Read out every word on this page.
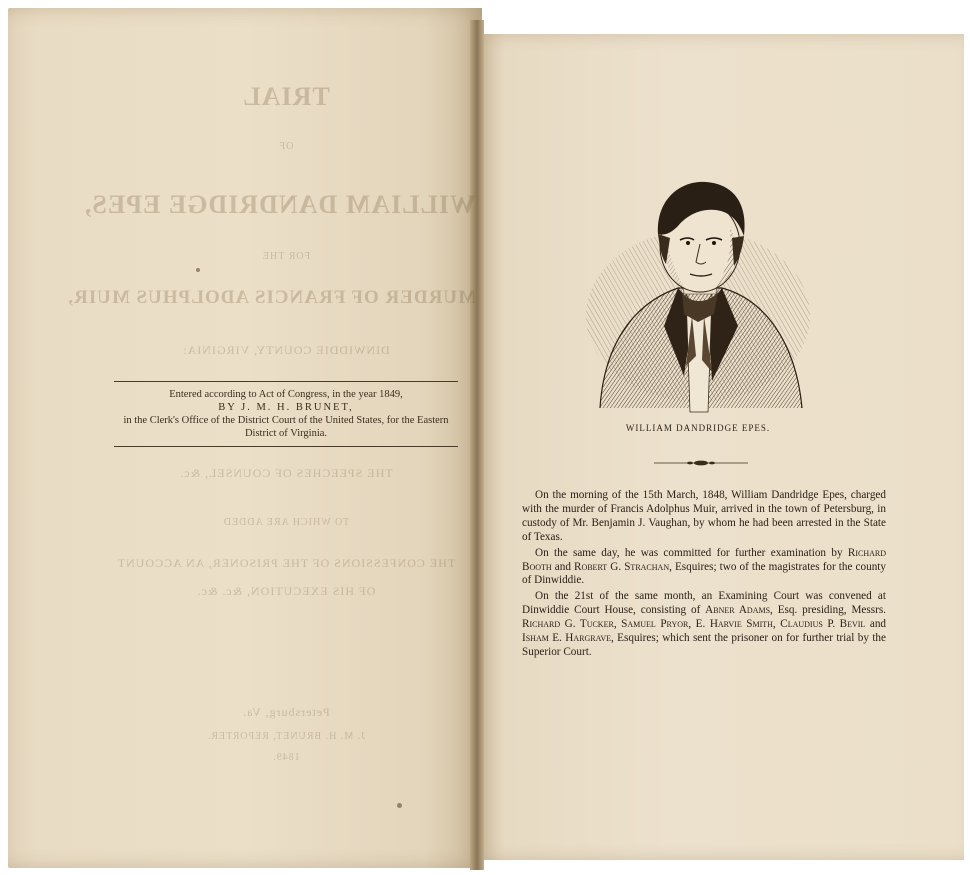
TRIAL
OF
WILLIAM DANDRIDGE EPES,
FOR THE
MURDER OF FRANCIS ADOLPHUS MUIR,
DINWIDDIE COUNTY, VIRGINIA:
THE SPEECHES OF COUNSEL, &c.
TO WHICH ARE ADDED
THE CONFESSIONS OF THE PRISONER, AN ACCOUNT
OF HIS EXECUTION, &c. &c.
Petersburg, Va.
J. M. H. BRUNET, REPORTER.
1849.
Entered according to Act of Congress, in the year 1849,
BY J. M. H. BRUNET,
in the Clerk's Office of the District Court of the United States, for the Eastern
District of Virginia.	WILLIAM DANDRIDGE EPES.

On the morning of the 15th March, 1848, William Dandridge Epes, charged with the murder of Francis Adolphus Muir, arrived in the town of Petersburg, in custody of Mr. Benjamin J. Vaughan, by whom he had been arrested in the State of Texas.

On the same day, he was committed for further examination by Richard Booth and Robert G. Strachan, Esquires; two of the magistrates for the county of Dinwiddie.

On the 21st of the same month, an Examining Court was convened at Dinwiddie Court House, consisting of Abner Adams, Esq. presiding, Messrs. Richard G. Tucker, Samuel Pryor, E. Harvie Smith, Claudius P. Bevil and Isham E. Hargrave, Esquires; which sent the prisoner on for further trial by the Superior Court.
